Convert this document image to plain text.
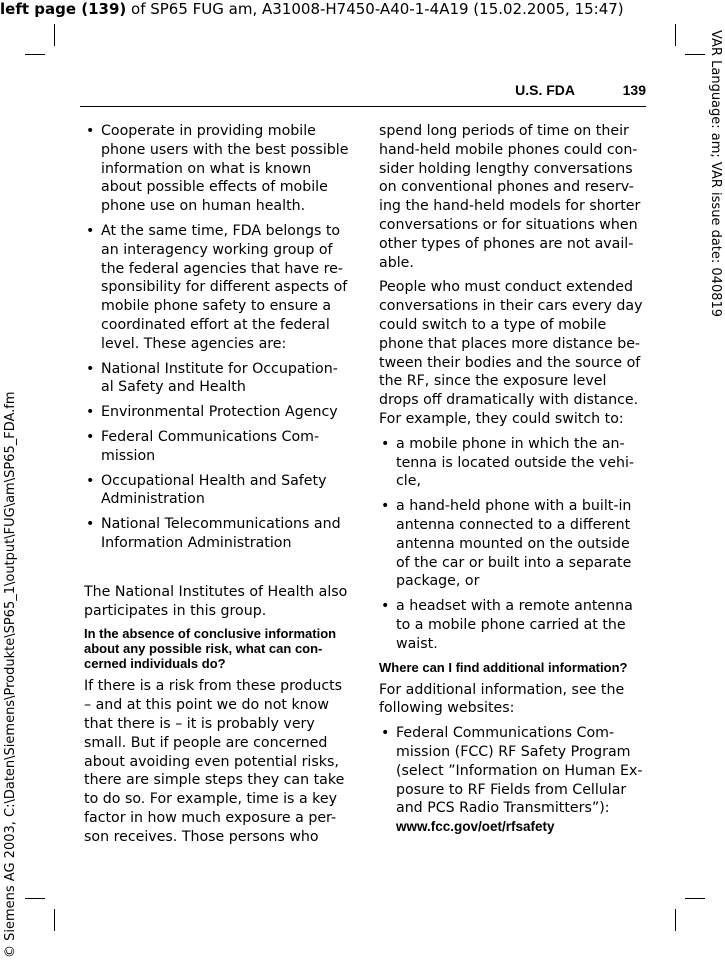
left page (139) of SP65 FUG am, A31008-H7450-A40-1-4A19 (15.02.2005, 15:47)
VAR Language: am; VAR issue date: 040819
© Siemens AG 2003, C:\Daten\Siemens\Produkte\SP65_1\output\FUG\am\SP65_FDA.fm
U.S. FDA	139
• Cooperate in providing mobile phone users with the best possible information on what is known about possible effects of mobile phone use on human health.
• At the same time, FDA belongs to an interagency working group of the federal agencies that have re-sponsibility for different aspects of mobile phone safety to ensure a coordinated effort at the federal level. These agencies are:
• National Institute for Occupation-al Safety and Health
• Environmental Protection Agency
• Federal Communications Com-mission
• Occupational Health and Safety Administration
• National Telecommunications and Information Administration

The National Institutes of Health also participates in this group.

In the absence of conclusive information about any possible risk, what can con-cerned individuals do?

If there is a risk from these products – and at this point we do not know that there is – it is probably very small. But if people are concerned about avoiding even potential risks, there are simple steps they can take to do so. For example, time is a key factor in how much exposure a per-son receives. Those persons who

spend long periods of time on their hand-held mobile phones could con-sider holding lengthy conversations on conventional phones and reserv-ing the hand-held models for shorter conversations or for situations when other types of phones are not avail-able.

People who must conduct extended conversations in their cars every day could switch to a type of mobile phone that places more distance be-tween their bodies and the source of the RF, since the exposure level drops off dramatically with distance. For example, they could switch to:

• a mobile phone in which the an-tenna is located outside the vehi-cle,
• a hand-held phone with a built-in antenna connected to a different antenna mounted on the outside of the car or built into a separate package, or
• a headset with a remote antenna to a mobile phone carried at the waist.

Where can I find additional information?

For additional information, see the following websites:

• Federal Communications Com-mission (FCC) RF Safety Program (select ”Information on Human Ex-posure to RF Fields from Cellular and PCS Radio Transmitters”):
www.fcc.gov/oet/rfsafety
